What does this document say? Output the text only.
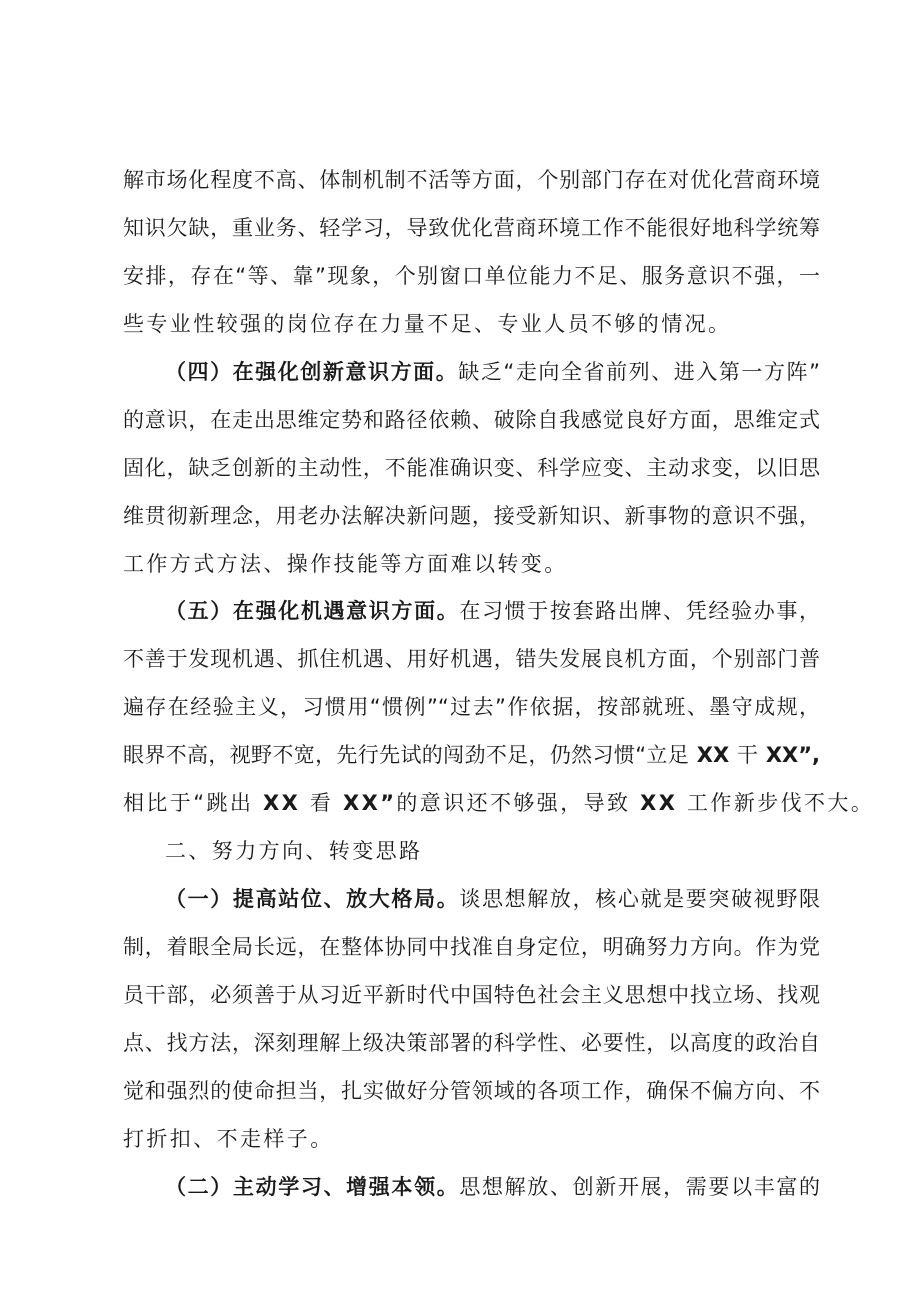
解市场化程度不高、体制机制不活等方面，个别部门存在对优化营商环境
知识欠缺，重业务、轻学习，导致优化营商环境工作不能很好地科学统筹
安排，存在“等、靠”现象，个别窗口单位能力不足、服务意识不强，一
些专业性较强的岗位存在力量不足、专业人员不够的情况。
（四）在强化创新意识方面。缺乏“走向全省前列、进入第一方阵”
的意识，在走出思维定势和路径依赖、破除自我感觉良好方面，思维定式
固化，缺乏创新的主动性，不能准确识变、科学应变、主动求变，以旧思
维贯彻新理念，用老办法解决新问题，接受新知识、新事物的意识不强，
工作方式方法、操作技能等方面难以转变。
（五）在强化机遇意识方面。在习惯于按套路出牌、凭经验办事，
不善于发现机遇、抓住机遇、用好机遇，错失发展良机方面，个别部门普
遍存在经验主义，习惯用“惯例”“过去”作依据，按部就班、墨守成规，
眼界不高，视野不宽，先行先试的闯劲不足，仍然习惯“立足 XX 干 XX”,
相比于“跳出 XX 看 XX”的意识还不够强，导致 XX 工作新步伐不大。
二、努力方向、转变思路
（一）提高站位、放大格局。谈思想解放，核心就是要突破视野限
制，着眼全局长远，在整体协同中找准自身定位，明确努力方向。作为党
员干部，必须善于从习近平新时代中国特色社会主义思想中找立场、找观
点、找方法，深刻理解上级决策部署的科学性、必要性，以高度的政治自
觉和强烈的使命担当，扎实做好分管领域的各项工作，确保不偏方向、不
打折扣、不走样子。
（二）主动学习、增强本领。思想解放、创新开展，需要以丰富的
